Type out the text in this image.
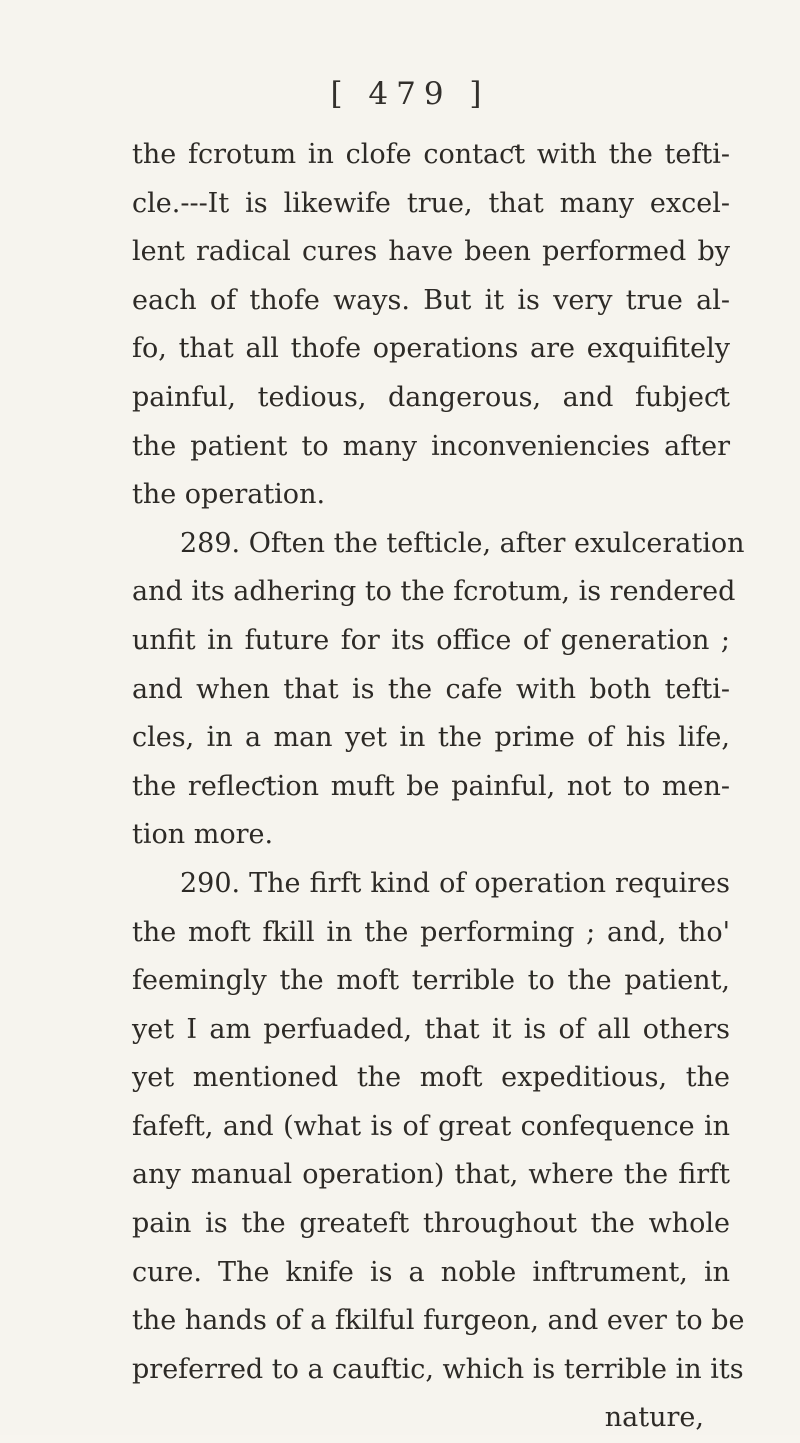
[ 479 ]
the fcrotum in clofe contaƈt with the tefti-
cle.---It is likewife true, that many excel-
lent radical cures have been performed by
each of thofe ways. But it is very true al-
fo, that all thofe operations are exquifitely
painful, tedious, dangerous, and fubjeƈt
the patient to many inconveniencies after
the operation.
289. Often the tefticle, after exulceration
and its adhering to the fcrotum, is rendered
unfit in future for its office of generation ;
and when that is the cafe with both tefti-
cles, in a man yet in the prime of his life,
the refleƈtion muft be painful, not to men-
tion more.
290. The firft kind of operation requires
the moft fkill in the performing ; and, tho'
feemingly the moft terrible to the patient,
yet I am perfuaded, that it is of all others
yet mentioned the moft expeditious, the
fafeft, and (what is of great confequence in
any manual operation) that, where the firft
pain is the greateft throughout the whole
cure. The knife is a noble inftrument, in
the hands of a fkilful furgeon, and ever to be
preferred to a cauftic, which is terrible in its
nature,
